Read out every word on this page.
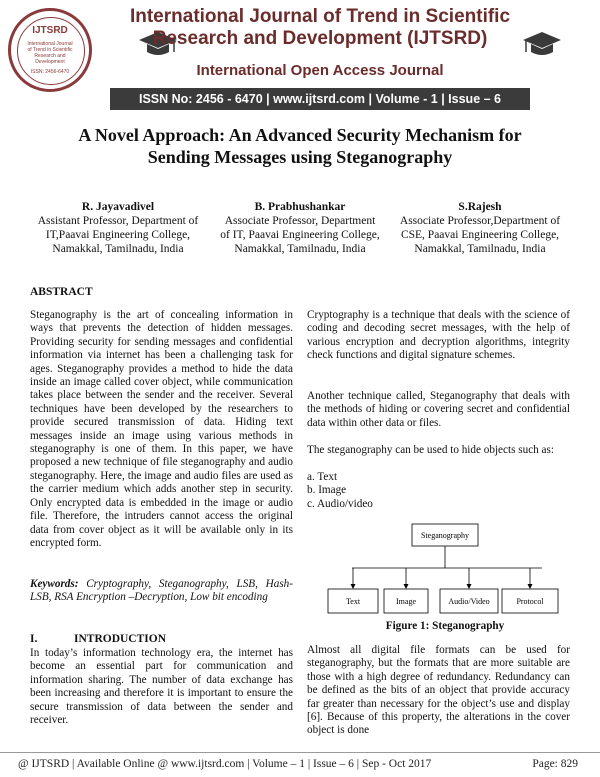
IJTSRD
International Journal of Trend in Scientific Research and Development
ISSN: 2456-6470
International Journal of Trend in Scientific
Research and Development (IJTSRD)
International Open Access Journal
ISSN No: 2456 - 6470 | www.ijtsrd.com | Volume - 1 | Issue – 6
A Novel Approach: An Advanced Security Mechanism for
Sending Messages using Steganography
R. Jayavadivel
Assistant Professor, Department of
IT,Paavai Engineering College,
Namakkal, Tamilnadu, India
B. Prabhushankar
Associate Professor, Department
of IT, Paavai Engineering College,
Namakkal, Tamilnadu, India
S.Rajesh
Associate Professor,Department of
CSE, Paavai Engineering College,
Namakkal, Tamilnadu, India
ABSTRACT
Steganography is the art of concealing information in ways that prevents the detection of hidden messages. Providing security for sending messages and confidential information via internet has been a challenging task for ages. Steganography provides a method to hide the data inside an image called cover object, while communication takes place between the sender and the receiver. Several techniques have been developed by the researchers to provide secured transmission of data. Hiding text messages inside an image using various methods in steganography is one of them. In this paper, we have proposed a new technique of file steganography and audio steganography. Here, the image and audio files are used as the carrier medium which adds another step in security. Only encrypted data is embedded in the image or audio file. Therefore, the intruders cannot access the original data from cover object as it will be available only in its encrypted form.
Keywords: Cryptography, Steganography, LSB, Hash-LSB, RSA Encryption –Decryption, Low bit encoding
I.	INTRODUCTION
In today’s information technology era, the internet has become an essential part for communication and information sharing. The number of data exchange has been increasing and therefore it is important to ensure the secure transmission of data between the sender and receiver.
Cryptography is a technique that deals with the science of coding and decoding secret messages, with the help of various encryption and decryption algorithms, integrity check functions and digital signature schemes.
Another technique called, Steganography that deals with the methods of hiding or covering secret and confidential data within other data or files.
The steganography can be used to hide objects such as:
a. Text
b. Image
c. Audio/video
Steganography
Text	Image	Audio/Video	Protocol
Figure 1: Steganography
Almost all digital file formats can be used for steganography, but the formats that are more suitable are those with a high degree of redundancy. Redundancy can be defined as the bits of an object that provide accuracy far greater than necessary for the object’s use and display [6]. Because of this property, the alterations in the cover object is done
@ IJTSRD | Available Online @ www.ijtsrd.com | Volume – 1 | Issue – 6 | Sep - Oct 2017	Page: 829
